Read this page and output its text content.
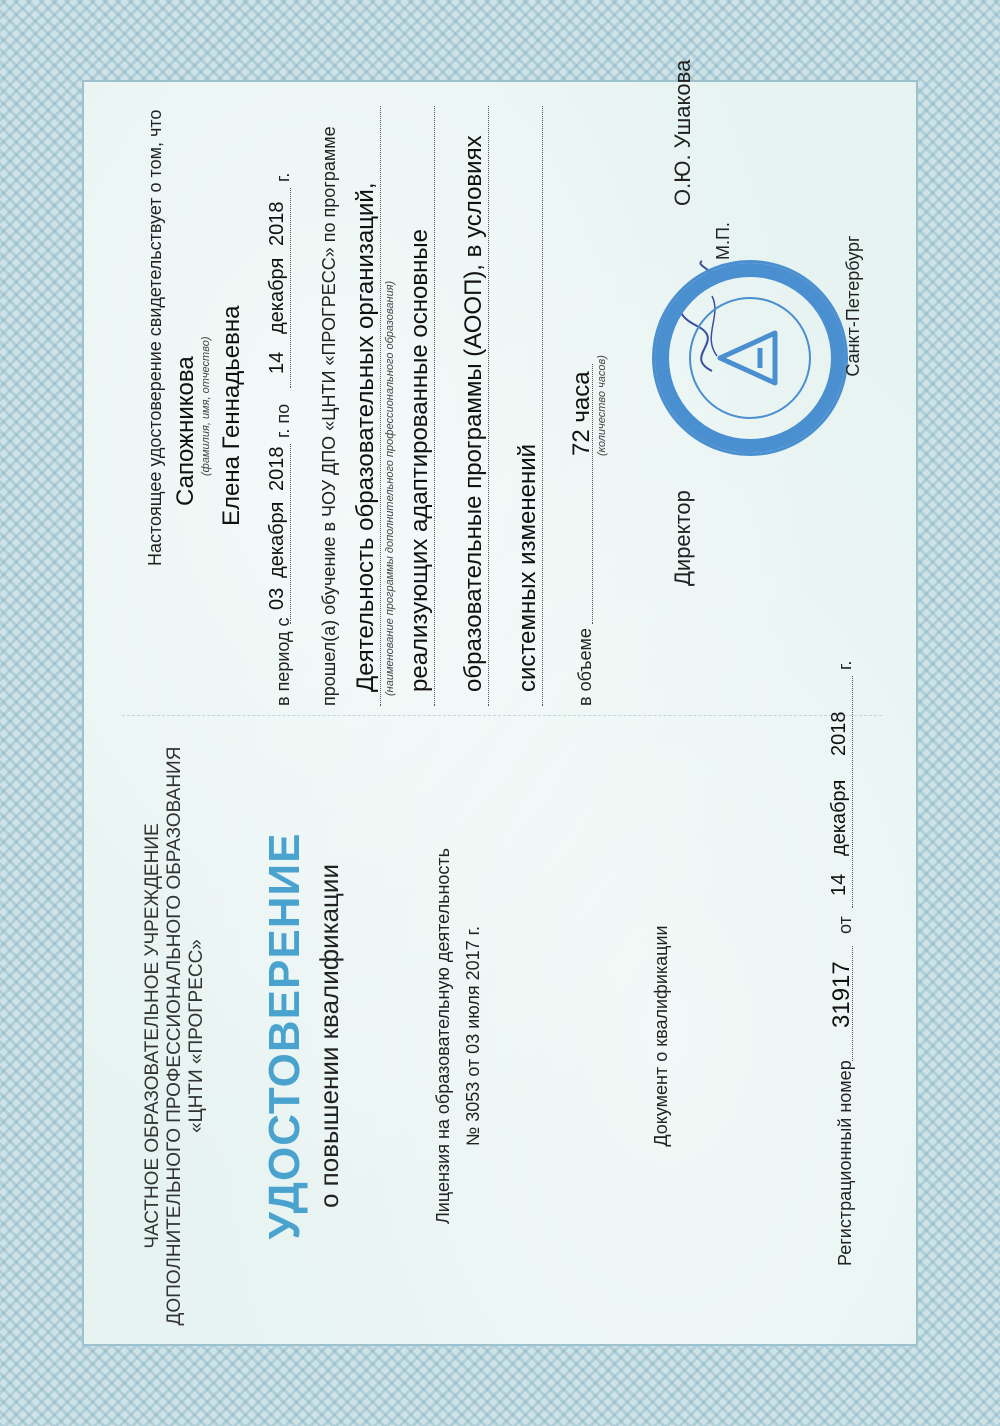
ЧАСТНОЕ ОБРАЗОВАТЕЛЬНОЕ УЧРЕЖДЕНИЕ ДОПОЛНИТЕЛЬНОГО ПРОФЕССИОНАЛЬНОГО ОБРАЗОВАНИЯ «ЦНТИ «ПРОГРЕСС» УДОСТОВЕРЕНИЕ о повышении квалификации	Лицензия на образовательную деятельность № 3053 от 03 июля 2017 г.	Документ о квалификации
Регистрационный номер
31917
от
14
декабря
2018
г.
Настоящее удостоверение свидетельствует о том, что Сапожникова (фамилия, имя, отчество) Елена Геннадьевна
в период с
03
декабря
2018
г. по
14
декабря
2018
г. прошел(а) обучение в ЧОУ ДПО «ЦНТИ «ПРОГРЕСС» по программе Деятельность образовательных организаций, (наименование программы дополнительного профессионального образования) реализующих адаптированные основные образовательные программы (АООП), в условиях системных изменений в объеме
72 часа (количество часов)
Директор
О.Ю. Ушакова
М.П.	Санкт-Петербург
